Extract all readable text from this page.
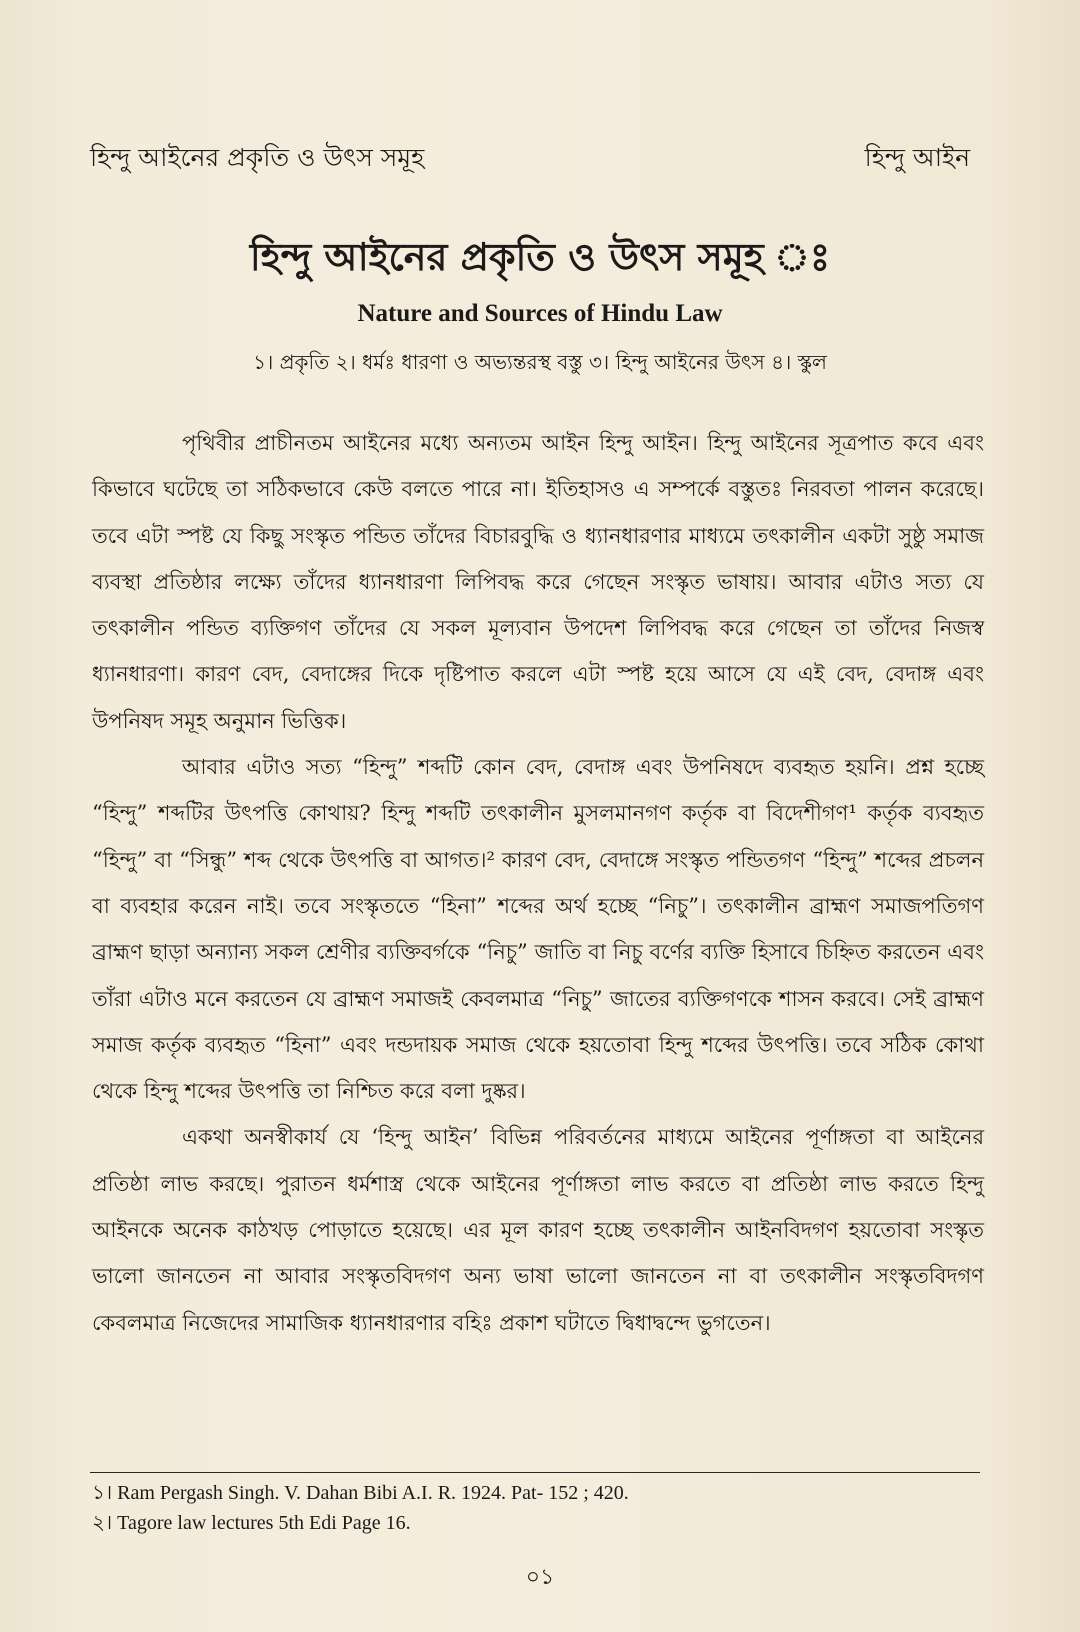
হিন্দু আইনের প্রকৃতি ও উৎস সমূহ	হিন্দু আইন
হিন্দু আইনের প্রকৃতি ও উৎস সমূহ ঃ
Nature and Sources of Hindu Law
১। প্রকৃতি ২। ধর্মঃ ধারণা ও অভ্যন্তরস্থ বস্তু ৩। হিন্দু আইনের উৎস ৪। স্কুল

পৃথিবীর প্রাচীনতম আইনের মধ্যে অন্যতম আইন হিন্দু আইন। হিন্দু আইনের সূত্রপাত কবে এবং কিভাবে ঘটেছে তা সঠিকভাবে কেউ বলতে পারে না। ইতিহাসও এ সম্পর্কে বস্তুতঃ নিরবতা পালন করেছে। তবে এটা স্পষ্ট যে কিছু সংস্কৃত পন্ডিত তাঁদের বিচারবুদ্ধি ও ধ্যানধারণার মাধ্যমে তৎকালীন একটা সুষ্ঠু সমাজ ব্যবস্থা প্রতিষ্ঠার লক্ষ্যে তাঁদের ধ্যানধারণা লিপিবদ্ধ করে গেছেন সংস্কৃত ভাষায়। আবার এটাও সত্য যে তৎকালীন পন্ডিত ব্যক্তিগণ তাঁদের যে সকল মূল্যবান উপদেশ লিপিবদ্ধ করে গেছেন তা তাঁদের নিজস্ব ধ্যানধারণা। কারণ বেদ, বেদাঙ্গের দিকে দৃষ্টিপাত করলে এটা স্পষ্ট হয়ে আসে যে এই বেদ, বেদাঙ্গ এবং উপনিষদ সমূহ অনুমান ভিত্তিক।

আবার এটাও সত্য “হিন্দু” শব্দটি কোন বেদ, বেদাঙ্গ এবং উপনিষদে ব্যবহৃত হয়নি। প্রশ্ন হচ্ছে “হিন্দু” শব্দটির উৎপত্তি কোথায়? হিন্দু শব্দটি তৎকালীন মুসলমানগণ কর্তৃক বা বিদেশীগণ¹ কর্তৃক ব্যবহৃত “হিন্দু” বা “সিন্ধু” শব্দ থেকে উৎপত্তি বা আগত।² কারণ বেদ, বেদাঙ্গে সংস্কৃত পন্ডিতগণ “হিন্দু” শব্দের প্রচলন বা ব্যবহার করেন নাই। তবে সংস্কৃততে “হিনা” শব্দের অর্থ হচ্ছে “নিচু”। তৎকালীন ব্রাহ্মণ সমাজপতিগণ ব্রাহ্মণ ছাড়া অন্যান্য সকল শ্রেণীর ব্যক্তিবর্গকে “নিচু” জাতি বা নিচু বর্ণের ব্যক্তি হিসাবে চিহ্নিত করতেন এবং তাঁরা এটাও মনে করতেন যে ব্রাহ্মণ সমাজই কেবলমাত্র “নিচু” জাতের ব্যক্তিগণকে শাসন করবে। সেই ব্রাহ্মণ সমাজ কর্তৃক ব্যবহৃত “হিনা” এবং দন্ডদায়ক সমাজ থেকে হয়তোবা হিন্দু শব্দের উৎপত্তি। তবে সঠিক কোথা থেকে হিন্দু শব্দের উৎপত্তি তা নিশ্চিত করে বলা দুষ্কর।

একথা অনস্বীকার্য যে ‘হিন্দু আইন’ বিভিন্ন পরিবর্তনের মাধ্যমে আইনের পূর্ণাঙ্গতা বা আইনের প্রতিষ্ঠা লাভ করছে। পুরাতন ধর্মশাস্ত্র থেকে আইনের পূর্ণাঙ্গতা লাভ করতে বা প্রতিষ্ঠা লাভ করতে হিন্দু আইনকে অনেক কাঠখড় পোড়াতে হয়েছে। এর মূল কারণ হচ্ছে তৎকালীন আইনবিদগণ হয়তোবা সংস্কৃত ভালো জানতেন না আবার সংস্কৃতবিদগণ অন্য ভাষা ভালো জানতেন না বা তৎকালীন সংস্কৃতবিদগণ কেবলমাত্র নিজেদের সামাজিক ধ্যানধারণার বহিঃ প্রকাশ ঘটাতে দ্বিধাদ্বন্দে ভুগতেন।

১। Ram Pergash Singh. V. Dahan Bibi A.I. R. 1924. Pat- 152 ; 420.
২। Tagore law lectures 5th Edi Page 16.
০১
